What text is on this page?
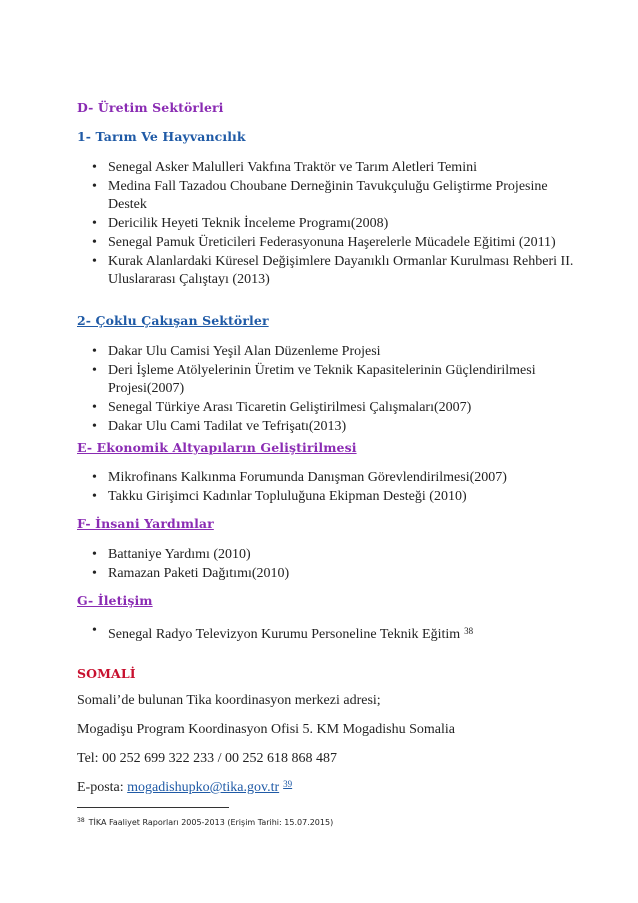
D- Üretim Sektörleri
1- Tarım Ve Hayvancılık
• Senegal Asker Malulleri Vakfına Traktör ve Tarım Aletleri Temini
• Medina Fall Tazadou Choubane Derneğinin Tavukçuluğu Geliştirme Projesine Destek
• Dericilik Heyeti Teknik İnceleme Programı(2008)
• Senegal Pamuk Üreticileri Federasyonuna Haşerelerle Mücadele Eğitimi (2011)
• Kurak Alanlardaki Küresel Değişimlere Dayanıklı Ormanlar Kurulması Rehberi II. Uluslararası Çalıştayı (2013)
2- Çoklu Çakışan Sektörler
• Dakar Ulu Camisi Yeşil Alan Düzenleme Projesi
• Deri İşleme Atölyelerinin Üretim ve Teknik Kapasitelerinin Güçlendirilmesi Projesi(2007)
• Senegal Türkiye Arası Ticaretin Geliştirilmesi Çalışmaları(2007)
• Dakar Ulu Cami Tadilat ve Tefrişatı(2013)
E- Ekonomik Altyapıların Geliştirilmesi
• Mikrofinans Kalkınma Forumunda Danışman Görevlendirilmesi(2007)
• Takku Girişimci Kadınlar Topluluğuna Ekipman Desteği (2010)
F- İnsani Yardımlar
• Battaniye Yardımı (2010)
• Ramazan Paketi Dağıtımı(2010)
G- İletişim
• Senegal Radyo Televizyon Kurumu Personeline Teknik Eğitim $^{38}$
SOMALİ
Somali’de bulunan Tika koordinasyon merkezi adresi;
Mogadişu Program Koordinasyon Ofisi 5. KM Mogadishu Somalia
Tel: 00 252 699 322 233 / 00 252 618 868 487
E-posta: mogadishupko@tika.gov.tr $^{39}$
$^{38}$ TİKA Faaliyet Raporları 2005-2013 (Erişim Tarihi: 15.07.2015)
